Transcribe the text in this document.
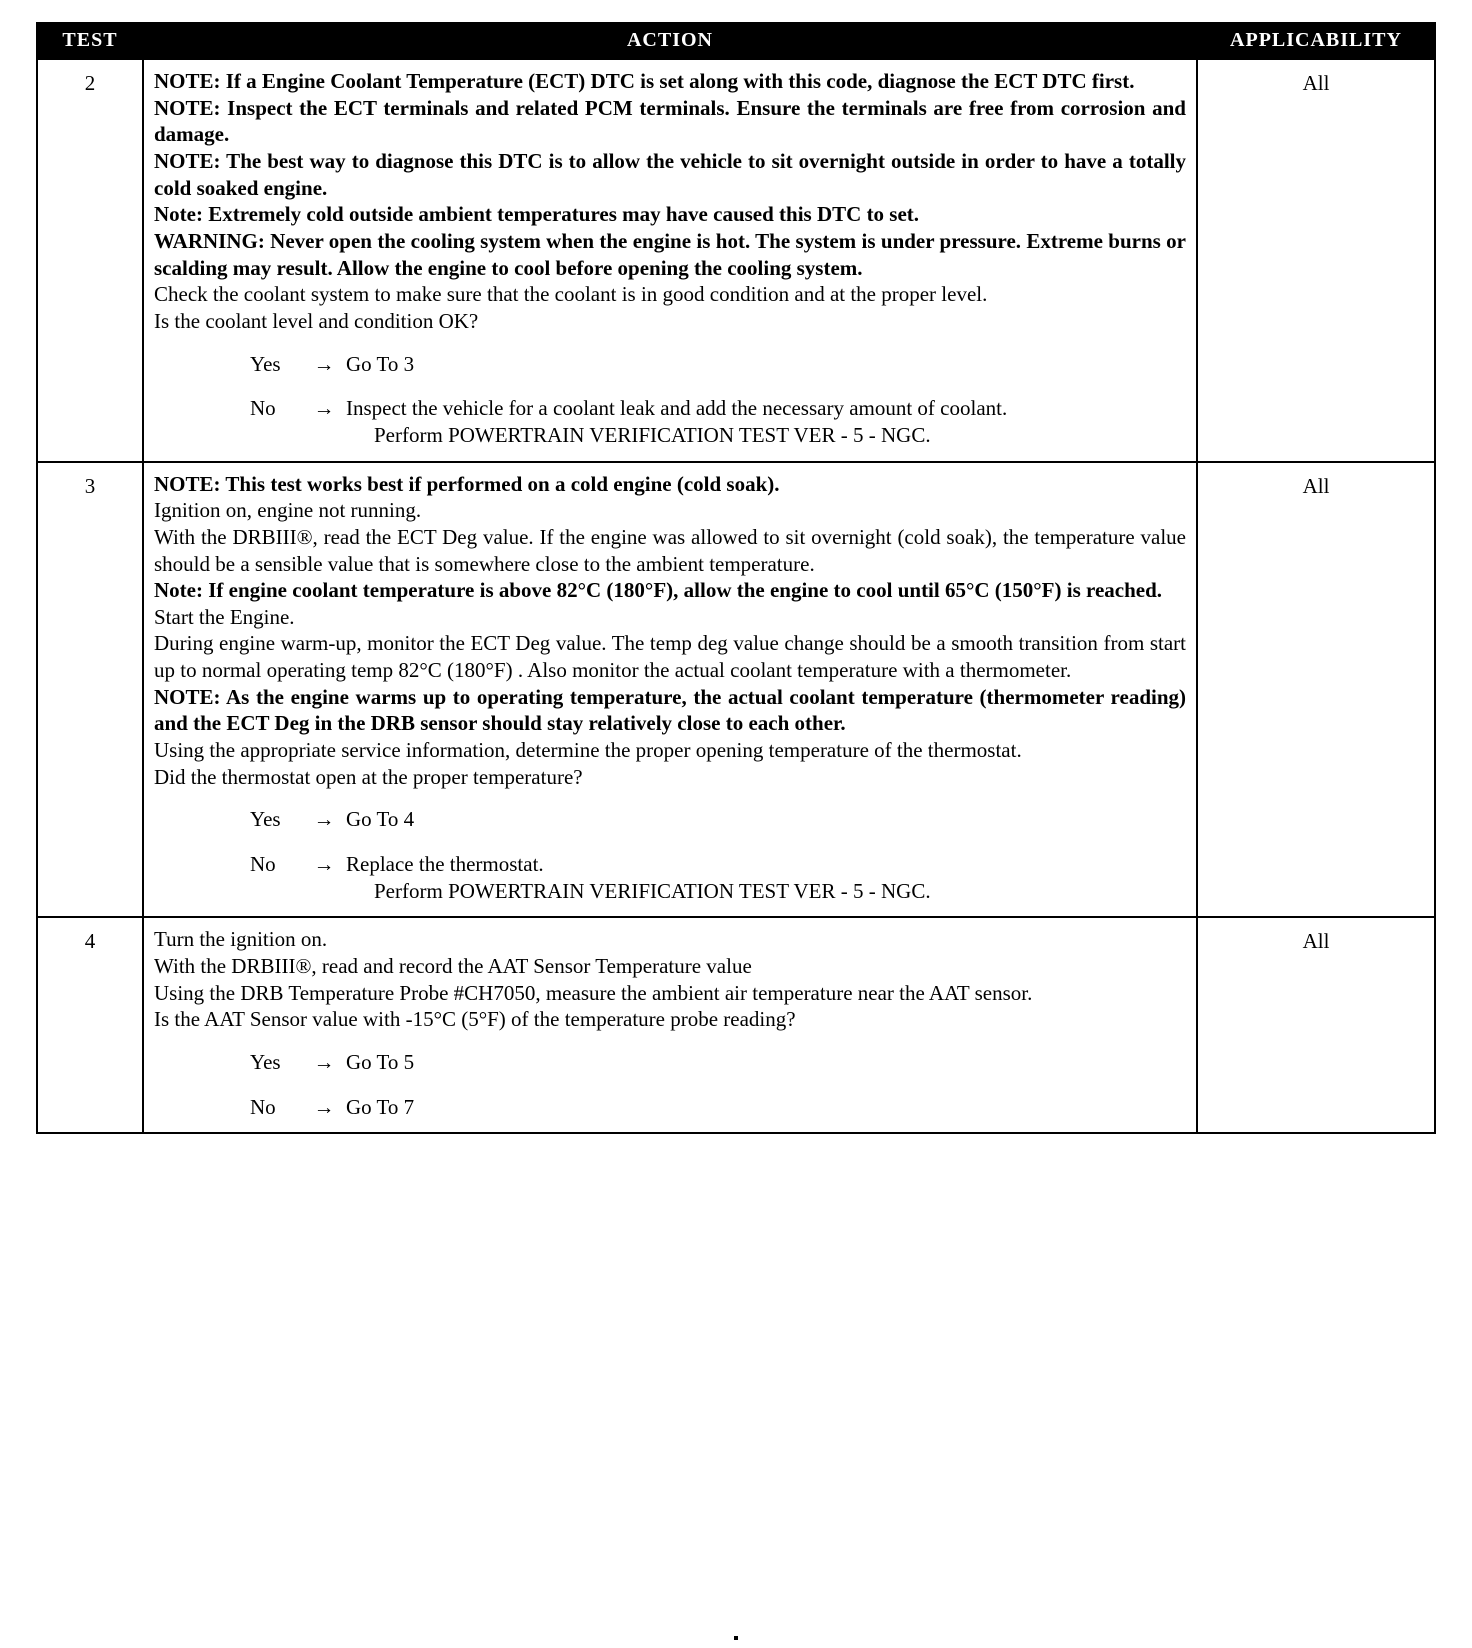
TEST	ACTION	APPLICABILITY
2	NOTE: If a Engine Coolant Temperature (ECT) DTC is set along with this code, diagnose the ECT DTC first.

NOTE: Inspect the ECT terminals and related PCM terminals. Ensure the terminals are free from corrosion and damage.

NOTE: The best way to diagnose this DTC is to allow the vehicle to sit overnight outside in order to have a totally cold soaked engine.

Note: Extremely cold outside ambient temperatures may have caused this DTC to set.

WARNING: Never open the cooling system when the engine is hot. The system is under pressure. Extreme burns or scalding may result. Allow the engine to cool before opening the cooling system.

Check the coolant system to make sure that the coolant is in good condition and at the proper level.

Is the coolant level and condition OK?

Yes	→ Go To 3
No	→ Inspect the vehicle for a coolant leak and add the necessary amount of coolant.
Perform POWERTRAIN VERIFICATION TEST VER - 5 - NGC.
	All
3	NOTE: This test works best if performed on a cold engine (cold soak).

Ignition on, engine not running.

With the DRBIII®, read the ECT Deg value. If the engine was allowed to sit overnight (cold soak), the temperature value should be a sensible value that is somewhere close to the ambient temperature.

Note: If engine coolant temperature is above 82°C (180°F), allow the engine to cool until 65°C (150°F) is reached.

Start the Engine.

During engine warm-up, monitor the ECT Deg value. The temp deg value change should be a smooth transition from start up to normal operating temp 82°C (180°F) . Also monitor the actual coolant temperature with a thermometer.

NOTE: As the engine warms up to operating temperature, the actual coolant temperature (thermometer reading) and the ECT Deg in the DRB sensor should stay relatively close to each other.

Using the appropriate service information, determine the proper opening temperature of the thermostat.

Did the thermostat open at the proper temperature?

Yes	→ Go To 4
No	→ Replace the thermostat.
Perform POWERTRAIN VERIFICATION TEST VER - 5 - NGC.
	All
4	Turn the ignition on.

With the DRBIII®, read and record the AAT Sensor Temperature value

Using the DRB Temperature Probe #CH7050, measure the ambient air temperature near the AAT sensor.

Is the AAT Sensor value with -15°C (5°F) of the temperature probe reading?

Yes	→ Go To 5
No	→ Go To 7
	All
